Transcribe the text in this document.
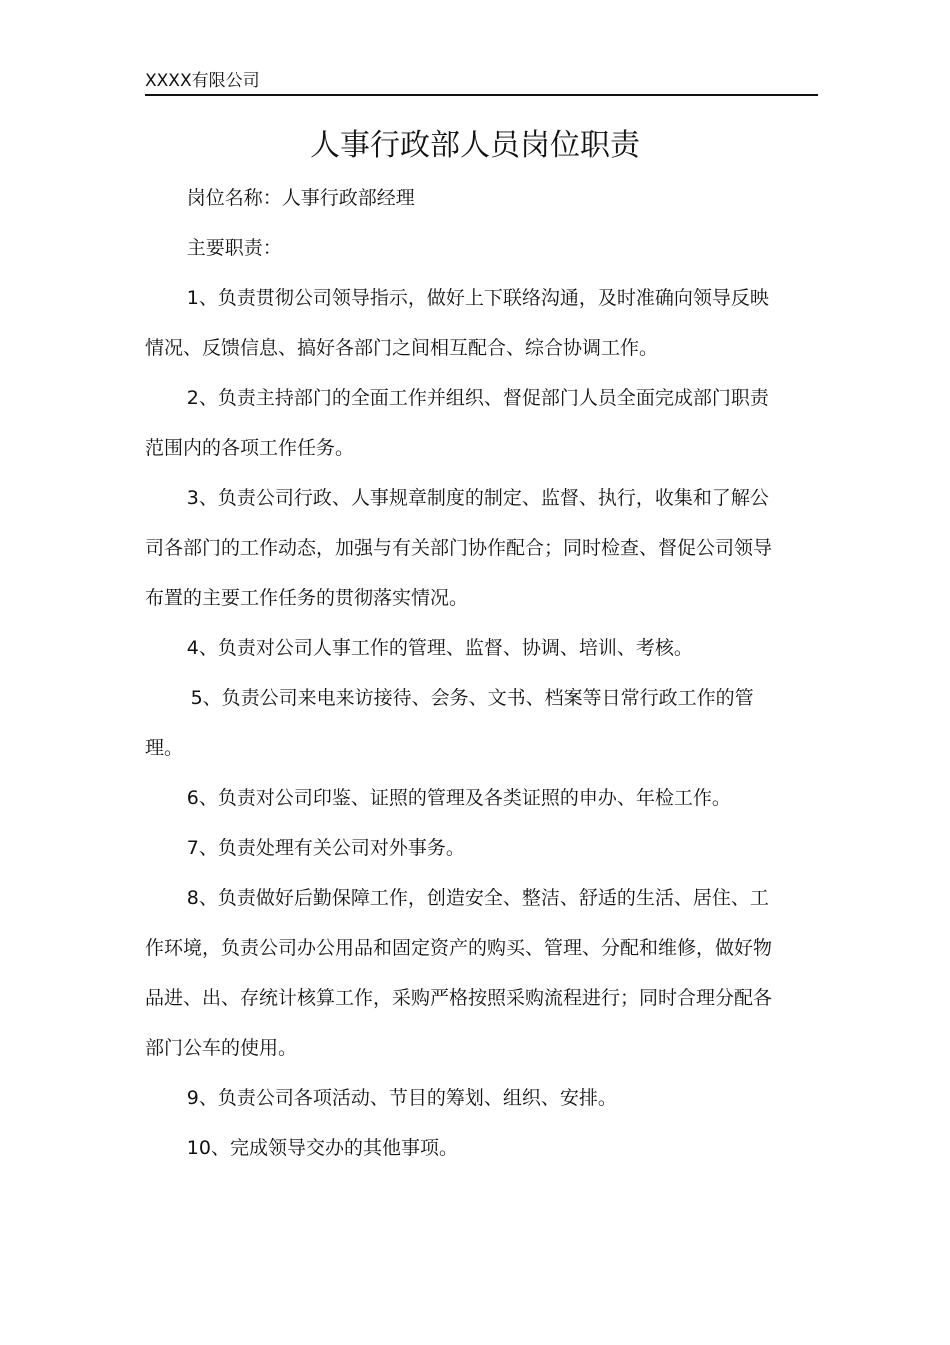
XXXX有限公司
人事行政部人员岗位职责

岗位名称：人事行政部经理

主要职责：

1、负责贯彻公司领导指示，做好上下联络沟通，及时准确向领导反映情况、反馈信息、搞好各部门之间相互配合、综合协调工作。

2、负责主持部门的全面工作并组织、督促部门人员全面完成部门职责范围内的各项工作任务。

3、负责公司行政、人事规章制度的制定、监督、执行，收集和了解公司各部门的工作动态，加强与有关部门协作配合；同时检查、督促公司领导布置的主要工作任务的贯彻落实情况。

4、负责对公司人事工作的管理、监督、协调、培训、考核。

5、负责公司来电来访接待、会务、文书、档案等日常行政工作的管理。

6、负责对公司印鉴、证照的管理及各类证照的申办、年检工作。

7、负责处理有关公司对外事务。

8、负责做好后勤保障工作，创造安全、整洁、舒适的生活、居住、工作环境，负责公司办公用品和固定资产的购买、管理、分配和维修，做好物品进、出、存统计核算工作，采购严格按照采购流程进行；同时合理分配各部门公车的使用。

9、负责公司各项活动、节目的筹划、组织、安排。

10、完成领导交办的其他事项。
